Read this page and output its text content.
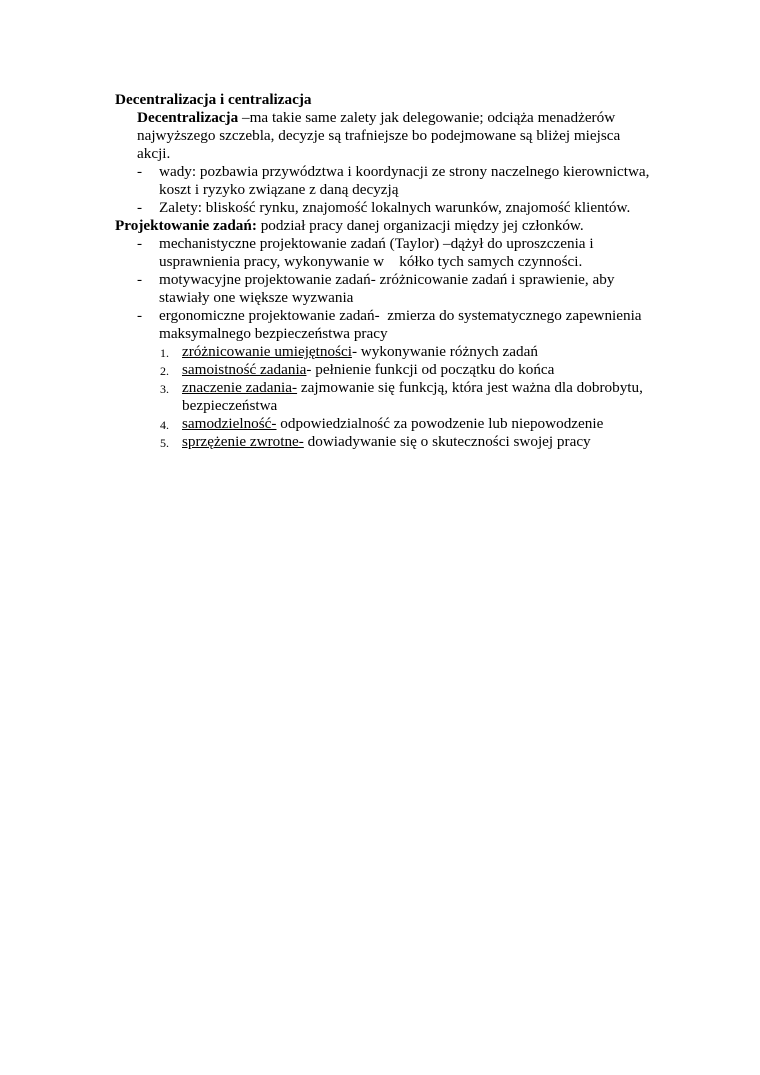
Decentralizacja i centralizacja
Decentralizacja –ma takie same zalety jak delegowanie; odciąża menadżerów najwyższego szczebla, decyzje są trafniejsze bo podejmowane są bliżej miejsca akcji.
- wady: pozbawia przywództwa i koordynacji ze strony naczelnego kierownictwa, koszt i ryzyko związane z daną decyzją
- Zalety: bliskość rynku, znajomość lokalnych warunków, znajomość klientów.
Projektowanie zadań: podział pracy danej organizacji między jej członków.
- mechanistyczne projektowanie zadań (Taylor) –dążył do uproszczenia i usprawnienia pracy, wykonywanie w    kółko tych samych czynności.
- motywacyjne projektowanie zadań- zróżnicowanie zadań i sprawienie, aby stawiały one większe wyzwania
- ergonomiczne projektowanie zadań-  zmierza do systematycznego zapewnienia maksymalnego bezpieczeństwa pracy
1. zróżnicowanie umiejętności- wykonywanie różnych zadań
2. samoistność zadania- pełnienie funkcji od początku do końca
3. znaczenie zadania- zajmowanie się funkcją, która jest ważna dla dobrobytu, bezpieczeństwa
4. samodzielność- odpowiedzialność za powodzenie lub niepowodzenie
5. sprzężenie zwrotne- dowiadywanie się o skuteczności swojej pracy
